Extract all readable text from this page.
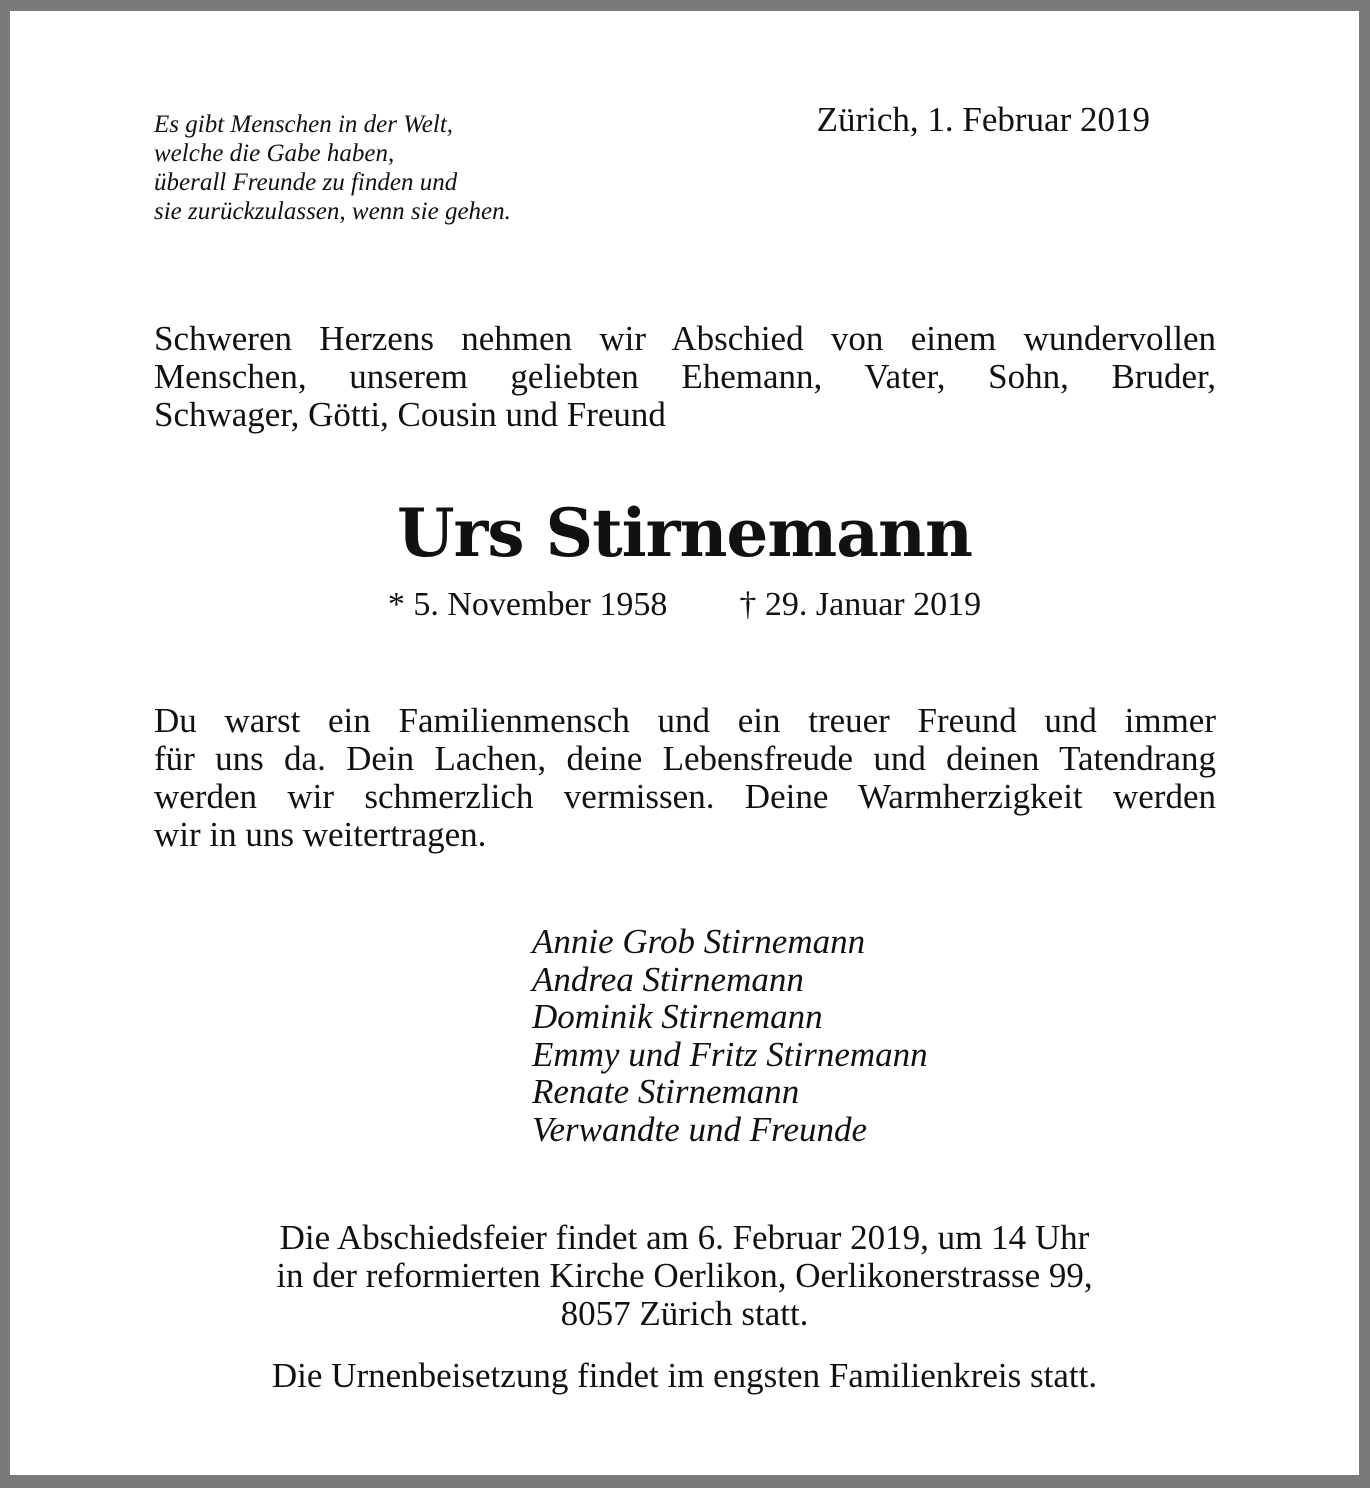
Es gibt Menschen in der Welt,
welche die Gabe haben,
überall Freunde zu finden und
sie zurückzulassen, wenn sie gehen.
Zürich, 1. Februar 2019
Schweren Herzens nehmen wir Abschied von einem wundervollen
Menschen, unserem geliebten Ehemann, Vater, Sohn, Bruder,
Schwager, Götti, Cousin und Freund
Urs Stirnemann
* 5. November 1958 † 29. Januar 2019
Du warst ein Familienmensch und ein treuer Freund und immer
für uns da. Dein Lachen, deine Lebensfreude und deinen Tatendrang
werden wir schmerzlich vermissen. Deine Warmherzigkeit werden
wir in uns weitertragen.
Annie Grob Stirnemann
Andrea Stirnemann
Dominik Stirnemann
Emmy und Fritz Stirnemann
Renate Stirnemann
Verwandte und Freunde
Die Abschiedsfeier findet am 6. Februar 2019, um 14 Uhr
in der reformierten Kirche Oerlikon, Oerlikonerstrasse 99,
8057 Zürich statt.

Die Urnenbeisetzung findet im engsten Familienkreis statt.
